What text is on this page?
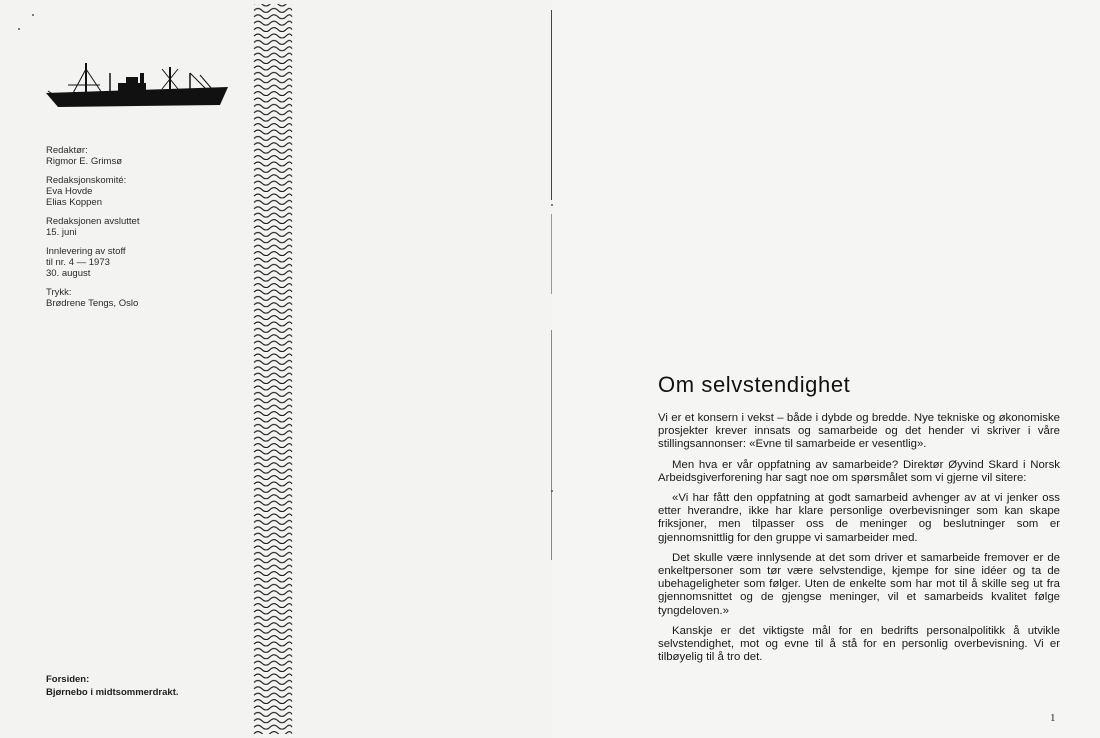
Redaktør:
Rigmor E. Grimsø
Redaksjonskomité:
Eva Hovde
Elias Koppen
Redaksjonen avsluttet
15. juni
Innlevering av stoff
til nr. 4 — 1973
30. august
Trykk:
Brødrene Tengs, Oslo
Forsiden:
Bjørnebo i midtsommerdrakt.
Om selvstendighet

Vi er et konsern i vekst – både i dybde og bredde. Nye tekniske og økonomiske prosjekter krever innsats og samarbeide og det hender vi skriver i våre stillingsannonser: «Evne til samarbeide er vesentlig».

Men hva er vår oppfatning av samarbeide? Direktør Øyvind Skard i Norsk Arbeidsgiverforening har sagt noe om spørsmålet som vi gjerne vil sitere:

«Vi har fått den oppfatning at godt samarbeid avhenger av at vi jenker oss etter hverandre, ikke har klare personlige overbevisninger som kan skape friksjoner, men tilpasser oss de meninger og beslutninger som er gjennomsnittlig for den gruppe vi samarbeider med.

Det skulle være innlysende at det som driver et samarbeide fremover er de enkeltpersoner som tør være selvstendige, kjempe for sine idéer og ta de ubehageligheter som følger. Uten de enkelte som har mot til å skille seg ut fra gjennomsnittet og de gjengse meninger, vil et samarbeids kvalitet følge tyngdeloven.»

Kanskje er det viktigste mål for en bedrifts personalpolitikk å utvikle selvstendighet, mot og evne til å stå for en personlig overbevisning. Vi er tilbøyelig til å tro det.

1
